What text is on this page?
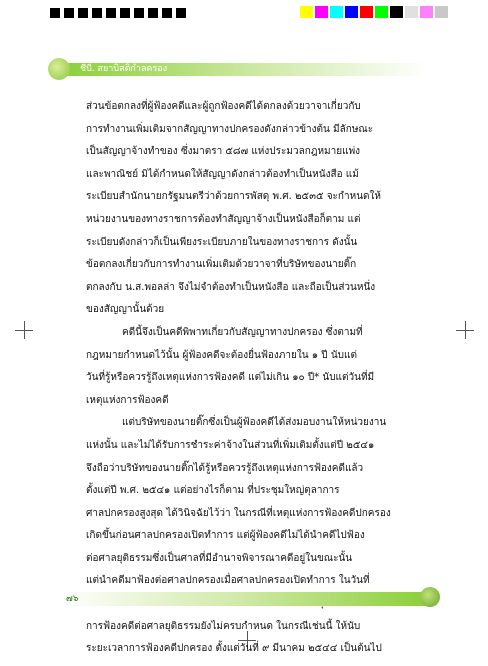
ชีบี. สยาบิสติกำลครอง
ส่วนข้อตกลงที่ผู้ฟ้องคดีและผู้ถูกฟ้องคดีได้ตกลงด้วยวาจาเกี่ยวกับ
การทำงานเพิ่มเติมจากสัญญาทางปกครองดังกล่าวข้างต้น มีลักษณะ
เป็นสัญญาจ้างทำของ ซึ่งมาตรา ๕๘๗ แห่งประมวลกฎหมายแพ่ง
และพาณิชย์ มิได้กำหนดให้สัญญาดังกล่าวต้องทำเป็นหนังสือ แม้
ระเบียบสำนักนายกรัฐมนตรีว่าด้วยการพัสดุ พ.ศ. ๒๕๓๕ จะกำหนดให้
หน่วยงานของทางราชการต้องทำสัญญาจ้างเป็นหนังสือก็ตาม แต่
ระเบียบดังกล่าวก็เป็นเพียงระเบียบภายในของทางราชการ ดังนั้น
ข้อตกลงเกี่ยวกับการทำงานเพิ่มเติมด้วยวาจาที่บริษัทของนายติ๊ก
ตกลงกับ น.ส.พอลล่า จึงไม่จำต้องทำเป็นหนังสือ และถือเป็นส่วนหนึ่ง
ของสัญญานั้นด้วย
คดีนี้จึงเป็นคดีพิพาทเกี่ยวกับสัญญาทางปกครอง ซึ่งตามที่
กฎหมายกำหนดไว้นั้น ผู้ฟ้องคดีจะต้องยื่นฟ้องภายใน ๑ ปี นับแต่
วันที่รู้หรือควรรู้ถึงเหตุแห่งการฟ้องคดี แต่ไม่เกิน ๑๐ ปี* นับแต่วันที่มี
เหตุแห่งการฟ้องคดี
แต่บริษัทของนายติ๊กซึ่งเป็นผู้ฟ้องคดีได้ส่งมอบงานให้หน่วยงาน
แห่งนั้น และไม่ได้รับการชำระค่าจ้างในส่วนที่เพิ่มเติมตั้งแต่ปี ๒๕๔๑
จึงถือว่าบริษัทของนายติ๊กได้รู้หรือควรรู้ถึงเหตุแห่งการฟ้องคดีแล้ว
ตั้งแต่ปี พ.ศ. ๒๕๔๑ แต่อย่างไรก็ตาม ที่ประชุมใหญ่ตุลาการ
ศาลปกครองสูงสุด ได้วินิจฉัยไว้ว่า ในกรณีที่เหตุแห่งการฟ้องคดีปกครอง
เกิดขึ้นก่อนศาลปกครองเปิดทำการ แต่ผู้ฟ้องคดีไม่ได้นำคดีไปฟ้อง
ต่อศาลยุติธรรมซึ่งเป็นศาลที่มีอำนาจพิจารณาคดีอยู่ในขณะนั้น
แต่นำคดีมาฟ้องต่อศาลปกครองเมื่อศาลปกครองเปิดทำการ ในวันที่
การฟ้องคดีต่อศาลยุติธรรมยังไม่ครบกำหนด ในกรณีเช่นนี้ ให้นับ
ระยะเวลาการฟ้องคดีปกครอง ตั้งแต่วันที่ ๙ มีนาคม ๒๕๔๔ เป็นต้นไป
๗๖
